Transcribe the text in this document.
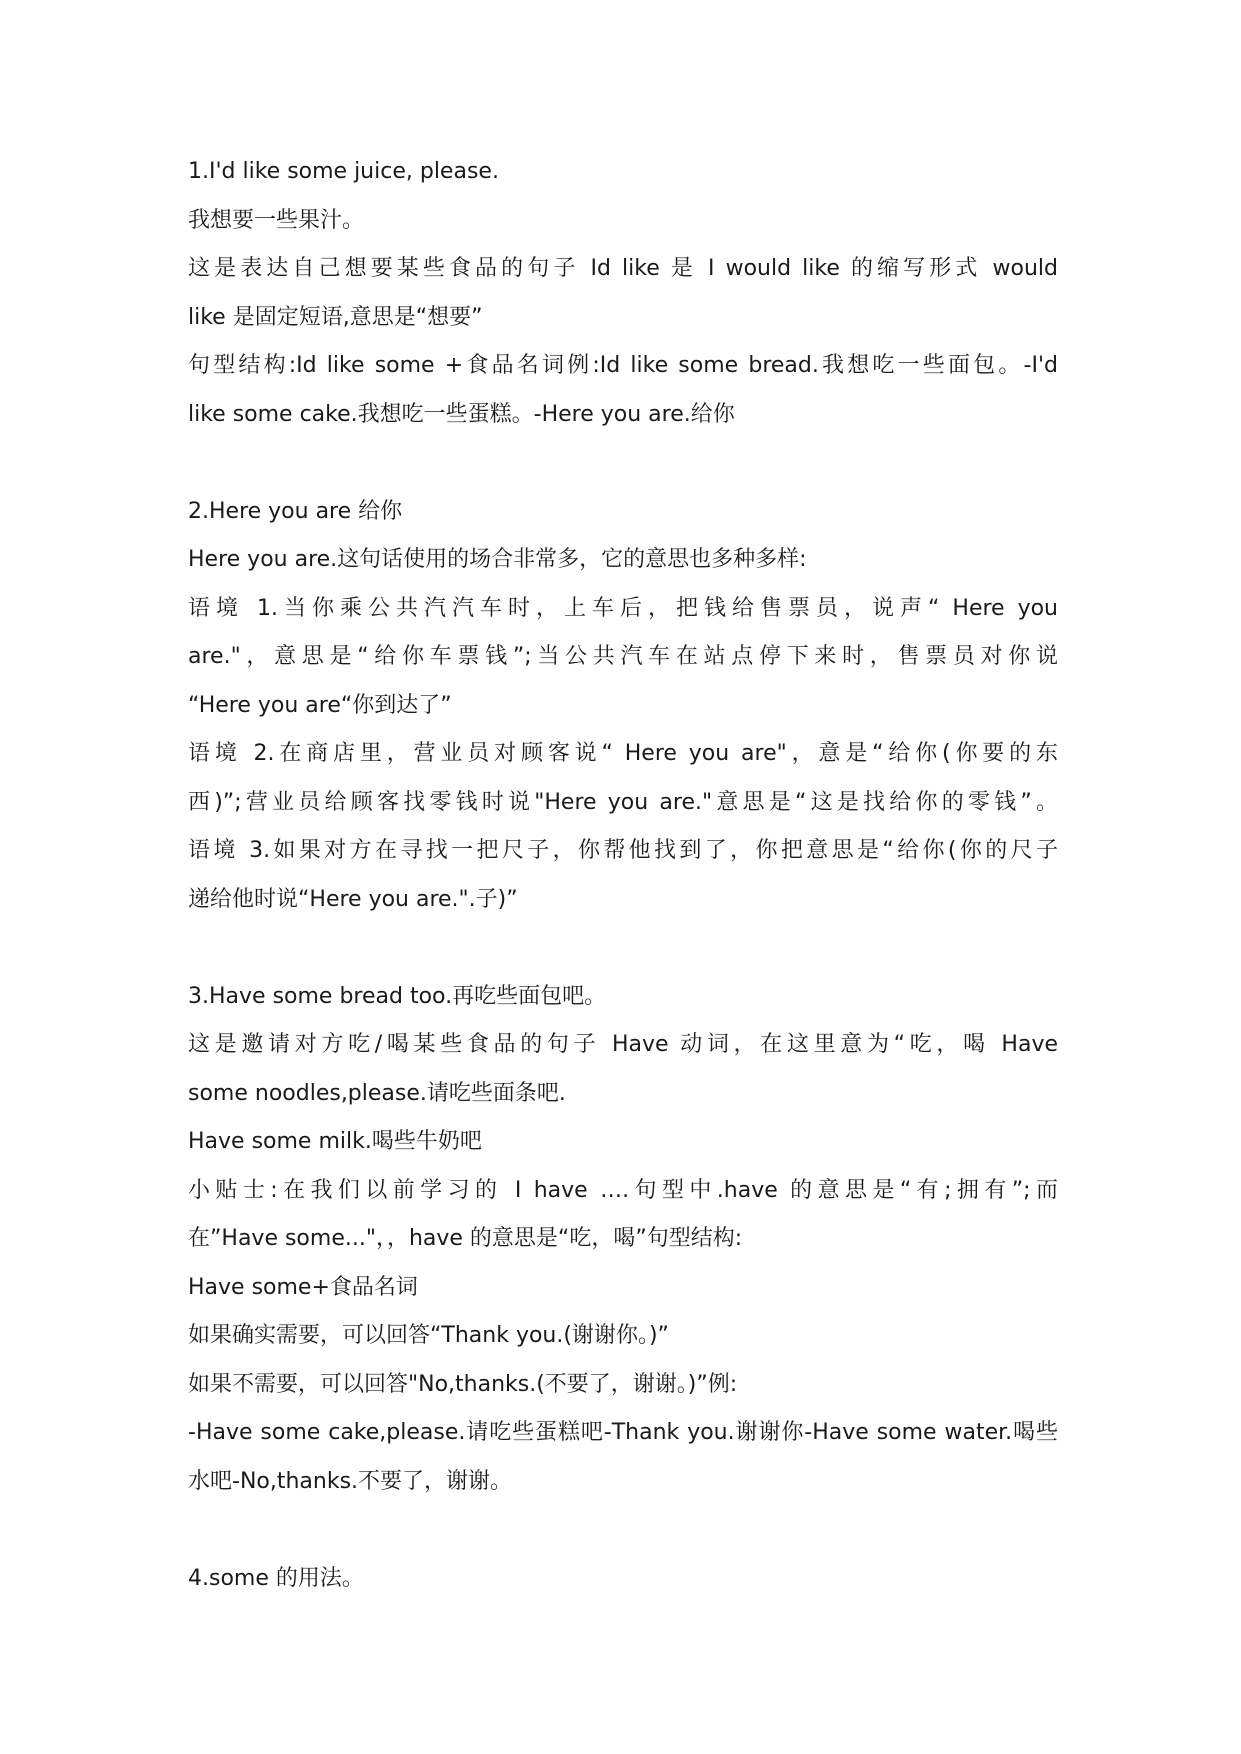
1.I'd like some juice, please.

我想要一些果汁。

这是表达自己想要某些食品的句子 Id like 是 I would like 的缩写形式 would

like 是固定短语,意思是“想要”

句型结构:Id like some +食品名词例:Id like some bread.我想吃一些面包。-I'd

like some cake.我想吃一些蛋糕。-Here you are.给你

2.Here you are 给你

Here you are.这句话使用的场合非常多，它的意思也多种多样:

语境 1.当你乘公共汽汽车时，上车后，把钱给售票员，说声“ Here you

are."，意思是“给你车票钱”;当公共汽车在站点停下来时，售票员对你说

“Here you are“你到达了”

语境 2.在商店里，营业员对顾客说“ Here you are"，意是“给你(你要的东

西)”;营业员给顾客找零钱时说"Here you are."意思是“这是找给你的零钱”。

语境 3.如果对方在寻找一把尺子，你帮他找到了，你把意思是“给你(你的尺子

递给他时说“Here you are.".子)”

3.Have some bread too.再吃些面包吧。

这是邀请对方吃/喝某些食品的句子 Have 动词，在这里意为“吃，喝 Have

some noodles,please.请吃些面条吧.

Have some milk.喝些牛奶吧

小贴士:在我们以前学习的 I have ….句型中.have 的意思是“有;拥有”;而

在”Have some..."，，have 的意思是“吃，喝”句型结构:

Have some+食品名词

如果确实需要，可以回答“Thank you.(谢谢你。)”

如果不需要，可以回答"No,thanks.(不要了，谢谢。)”例:

-Have some cake,please.请吃些蛋糕吧-Thank you.谢谢你-Have some water.喝些

水吧-No,thanks.不要了，谢谢。

4.some 的用法。
